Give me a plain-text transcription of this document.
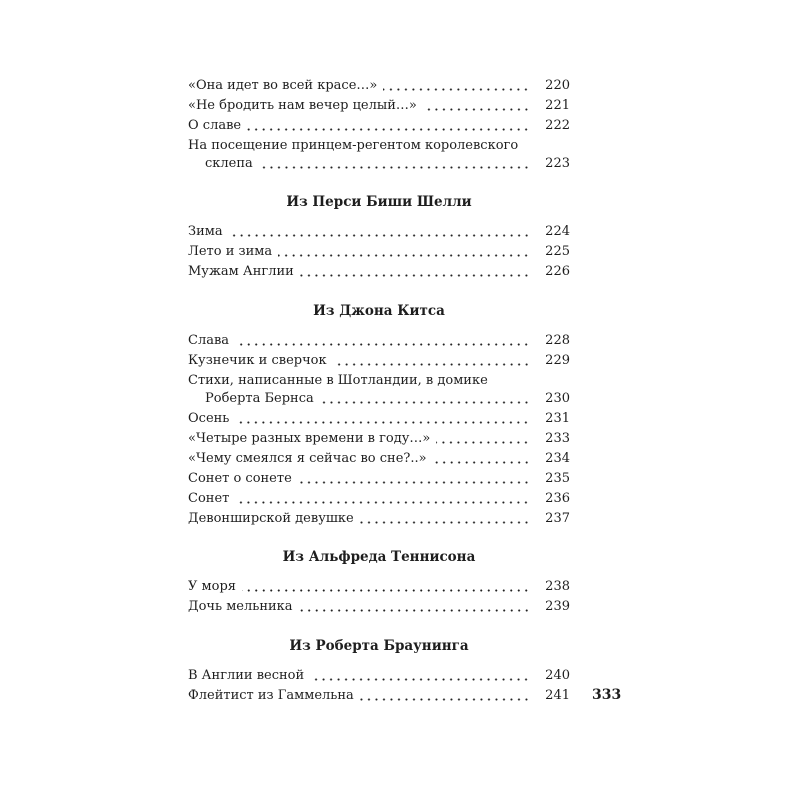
«Она идет во всей красе…»	220
«Не бродить нам вечер целый…»	221
О славе	222
На посещение принцем-регентом королевского
склепа	223
Из Перси Биши Шелли
Зима	224
Лето и зима	225
Мужам Англии	226
Из Джона Китса
Слава	228
Кузнечик и сверчок	229
Стихи, написанные в Шотландии, в домике
Роберта Бернса	230
Осень	231
«Четыре разных времени в году…»	233
«Чему смеялся я сейчас во сне?..»	234
Сонет о сонете	235
Сонет	236
Девонширской девушке	237
Из Альфреда Теннисона
У моря	238
Дочь мельника	239
Из Роберта Браунинга
В Англии весной	240
Флейтист из Гаммельна	241 333
